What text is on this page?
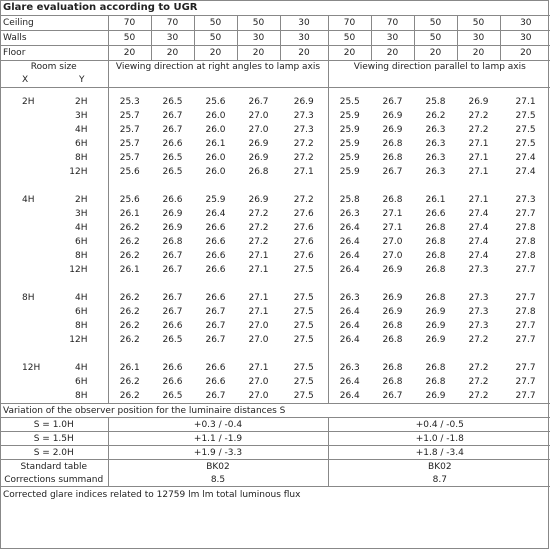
Glare evaluation according to UGR											
Ceiling		70	70	50	50	30	70	70	50	50	30
Walls		50	30	50	30	30	50	30	50	30	30
Floor		20	20	20	20	20	20	20	20	20	20
Room size		Viewing direction at right angles to lamp axis					Viewing direction parallel to lamp axis				
X	Y										

2H	2H	25.3	26.5	25.6	26.7	26.9	25.5	26.7	25.8	26.9	27.1
	3H	25.7	26.7	26.0	27.0	27.3	25.9	26.9	26.2	27.2	27.5
	4H	25.7	26.7	26.0	27.0	27.3	25.9	26.9	26.3	27.2	27.5
	6H	25.7	26.6	26.1	26.9	27.2	25.9	26.8	26.3	27.1	27.5
	8H	25.7	26.5	26.0	26.9	27.2	25.9	26.8	26.3	27.1	27.4
	12H	25.6	26.5	26.0	26.8	27.1	25.9	26.7	26.3	27.1	27.4

4H	2H	25.6	26.6	25.9	26.9	27.2	25.8	26.8	26.1	27.1	27.3
	3H	26.1	26.9	26.4	27.2	27.6	26.3	27.1	26.6	27.4	27.7
	4H	26.2	26.9	26.6	27.2	27.6	26.4	27.1	26.8	27.4	27.8
	6H	26.2	26.8	26.6	27.2	27.6	26.4	27.0	26.8	27.4	27.8
	8H	26.2	26.7	26.6	27.1	27.6	26.4	27.0	26.8	27.4	27.8
	12H	26.1	26.7	26.6	27.1	27.5	26.4	26.9	26.8	27.3	27.7

8H	4H	26.2	26.7	26.6	27.1	27.5	26.3	26.9	26.8	27.3	27.7
	6H	26.2	26.7	26.7	27.1	27.5	26.4	26.9	26.9	27.3	27.8
	8H	26.2	26.6	26.7	27.0	27.5	26.4	26.8	26.9	27.3	27.7
	12H	26.2	26.5	26.7	27.0	27.5	26.4	26.8	26.9	27.2	27.7

12H	4H	26.1	26.6	26.6	27.1	27.5	26.3	26.8	26.8	27.2	27.7
	6H	26.2	26.6	26.6	27.0	27.5	26.4	26.8	26.8	27.2	27.7
	8H	26.2	26.5	26.7	27.0	27.5	26.4	26.7	26.9	27.2	27.7
Variation of the observer position for the luminaire distances S											
S = 1.0H		+0.3 / -0.4					+0.4 / -0.5				
S = 1.5H		+1.1 / -1.9					+1.0 / -1.8				
S = 2.0H		+1.9 / -3.3					+1.8 / -3.4				
Standard table		BK02					BK02				
Corrections summand		8.5					8.7				
Corrected glare indices related to 12759 lm lm total luminous flux											
